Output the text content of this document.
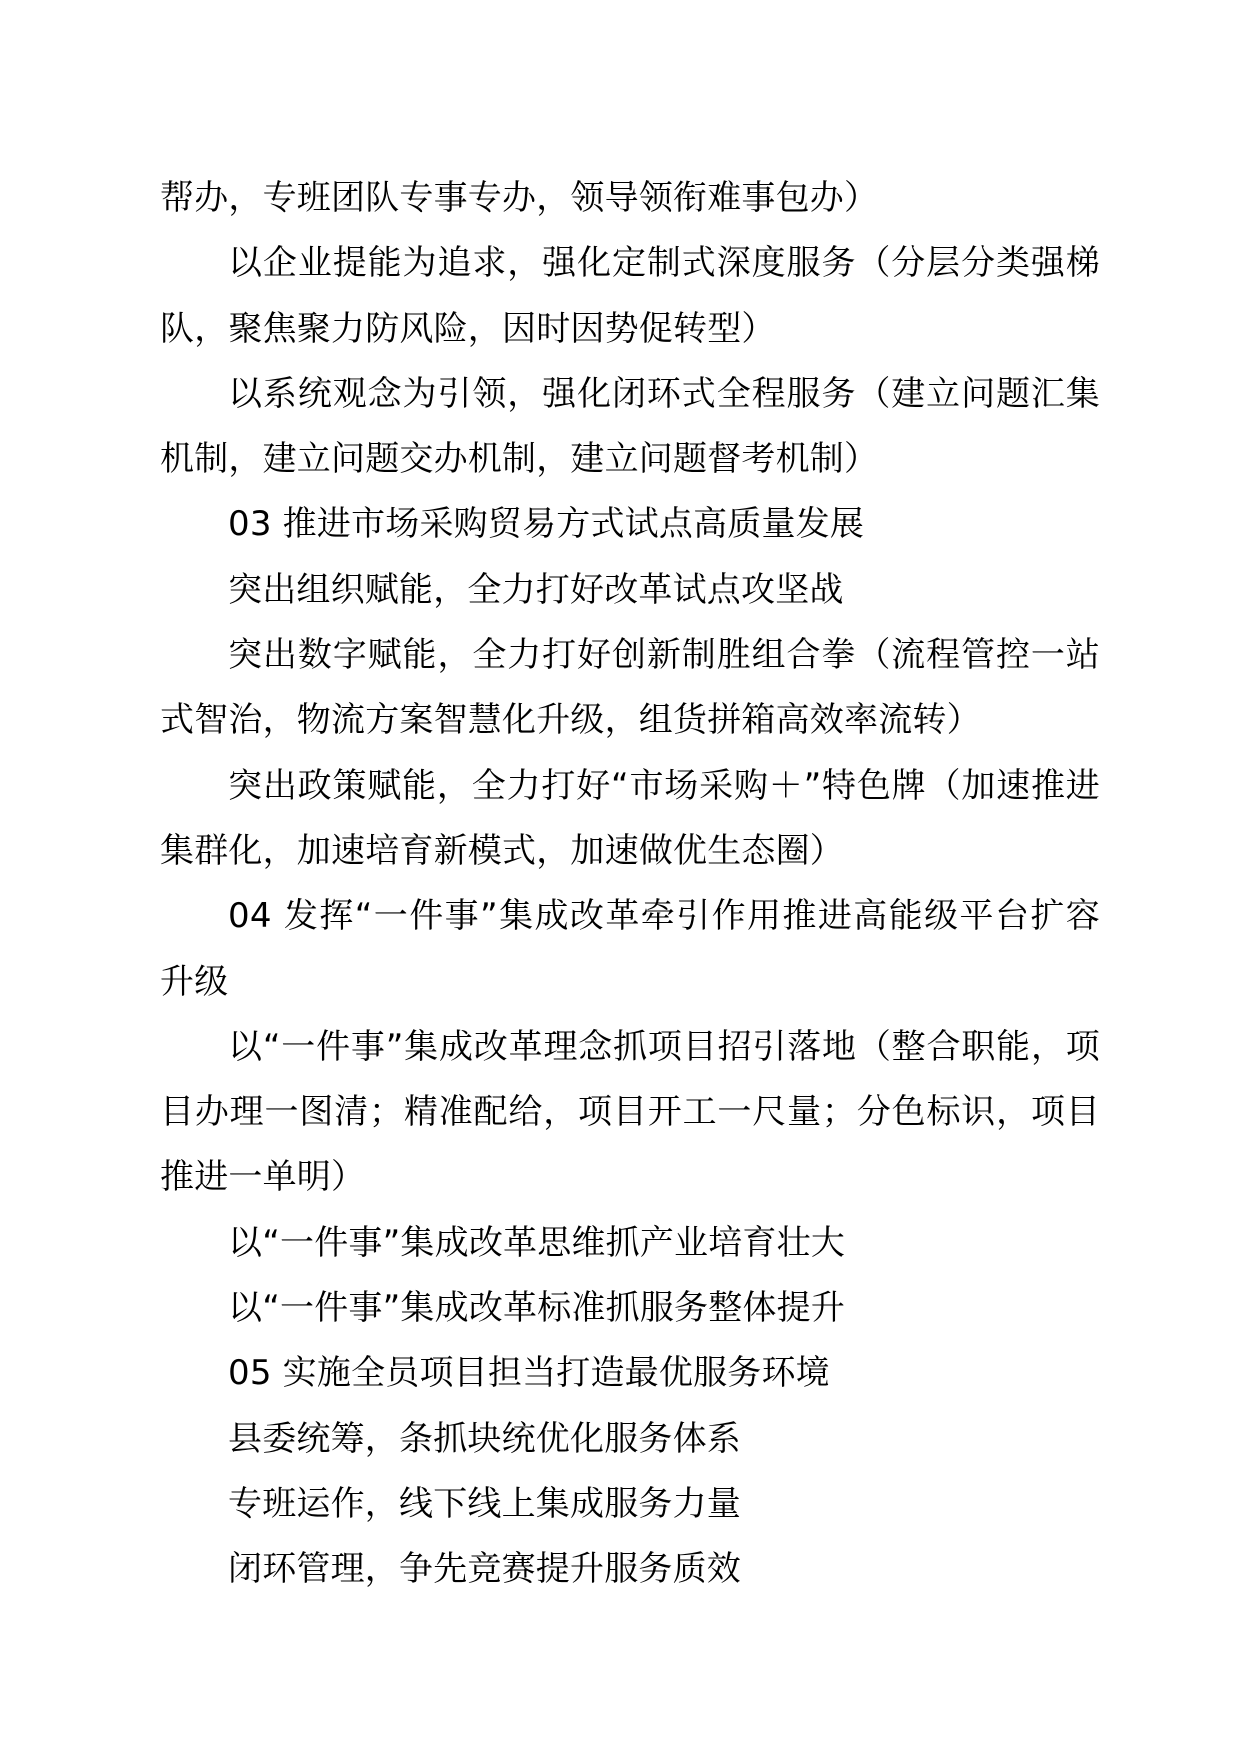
帮办，专班团队专事专办，领导领衔难事包办）

以企业提能为追求，强化定制式深度服务（分层分类强梯队，聚焦聚力防风险，因时因势促转型）

以系统观念为引领，强化闭环式全程服务（建立问题汇集机制，建立问题交办机制，建立问题督考机制）

03 推进市场采购贸易方式试点高质量发展

突出组织赋能，全力打好改革试点攻坚战

突出数字赋能，全力打好创新制胜组合拳（流程管控一站式智治，物流方案智慧化升级，组货拼箱高效率流转）

突出政策赋能，全力打好“市场采购＋”特色牌（加速推进集群化，加速培育新模式，加速做优生态圈）

04 发挥“一件事”集成改革牵引作用推进高能级平台扩容升级

以“一件事”集成改革理念抓项目招引落地（整合职能，项目办理一图清；精准配给，项目开工一尺量；分色标识，项目推进一单明）

以“一件事”集成改革思维抓产业培育壮大

以“一件事”集成改革标准抓服务整体提升

05 实施全员项目担当打造最优服务环境

县委统筹，条抓块统优化服务体系

专班运作，线下线上集成服务力量

闭环管理，争先竞赛提升服务质效
